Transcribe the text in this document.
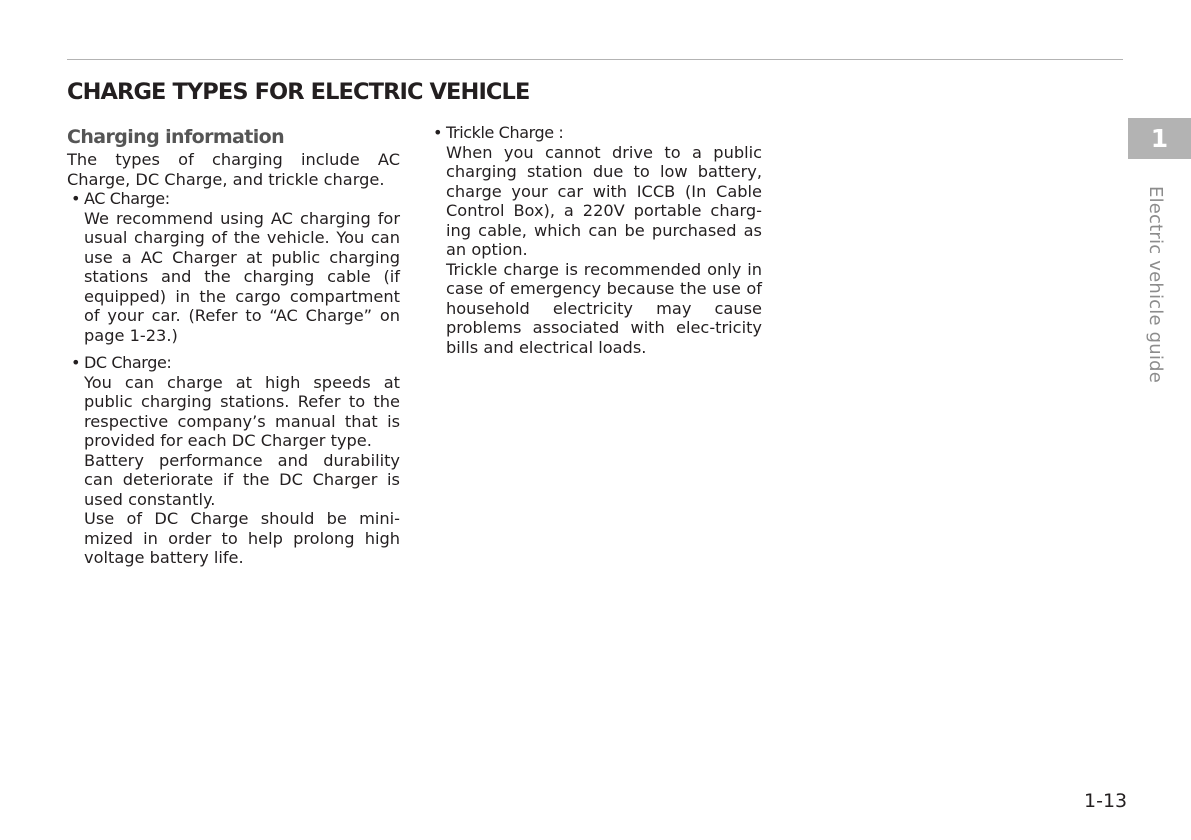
CHARGE TYPES FOR ELECTRIC VEHICLE
Charging information

The types of charging include AC Charge, DC Charge, and trickle charge.

• AC Charge:

We recommend using AC charging for usual charging of the vehicle. You can use a AC Charger at public charging stations and the charging cable (if equipped) in the cargo compartment of your car. (Refer to “AC Charge” on page 1-23.)

• DC Charge:

You can charge at high speeds at public charging stations. Refer to the respective company’s manual that is provided for each DC Charger type.

Battery performance and durability can deteriorate if the DC Charger is used constantly.

Use of DC Charge should be mini-mized in order to help prolong high voltage battery life.

• Trickle Charge :

When you cannot drive to a public charging station due to low battery, charge your car with ICCB (In Cable Control Box), a 220V portable charg-ing cable, which can be purchased as an option.

Trickle charge is recommended only in case of emergency because the use of household electricity may cause problems associated with elec-tricity bills and electrical loads.

1
Electric vehicle guide
1-13
